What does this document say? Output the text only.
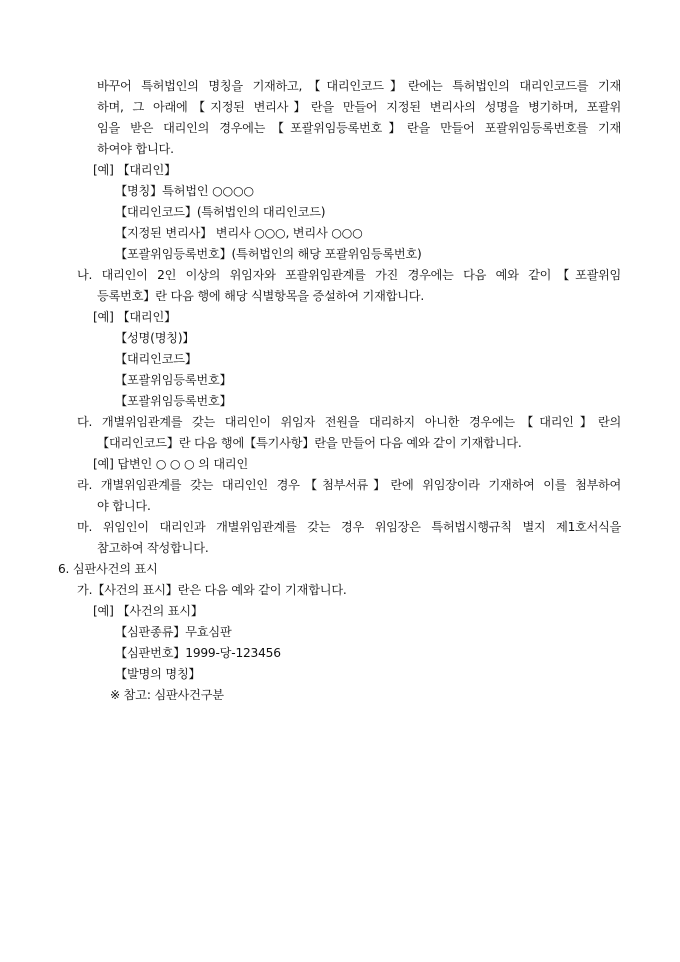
바꾸어 특허법인의 명칭을 기재하고,【대리인코드】란에는 특허법인의 대리인코드를 기재
하며, 그 아래에【지정된 변리사】란을 만들어 지정된 변리사의 성명을 병기하며, 포괄위
임을 받은 대리인의 경우에는【포괄위임등록번호】란을 만들어 포괄위임등록번호를 기재
하여야 합니다.
[예] 【대리인】
【명칭】특허법인 ○○○○
【대리인코드】(특허법인의 대리인코드)
【지정된 변리사】 변리사 ○○○, 변리사 ○○○
【포괄위임등록번호】(특허법인의 해당 포괄위임등록번호)
나. 대리인이 2인 이상의 위임자와 포괄위임관계를 가진 경우에는 다음 예와 같이【포괄위임
등록번호】란 다음 행에 해당 식별항목을 증설하여 기재합니다.
[예] 【대리인】
【성명(명칭)】
【대리인코드】
【포괄위임등록번호】
【포괄위임등록번호】
다. 개별위임관계를 갖는 대리인이 위임자 전원을 대리하지 아니한 경우에는【대리인】란의
【대리인코드】란 다음 행에【특기사항】란을 만들어 다음 예와 같이 기재합니다.
[예] 답변인 ○ ○ ○ 의 대리인
라. 개별위임관계를 갖는 대리인인 경우【첨부서류】란에 위임장이라 기재하여 이를 첨부하여
야 합니다.
마. 위임인이 대리인과 개별위임관계를 갖는 경우 위임장은 특허법시행규칙 별지 제1호서식을
참고하여 작성합니다.
6. 심판사건의 표시
가.【사건의 표시】란은 다음 예와 같이 기재합니다.
[예] 【사건의 표시】
【심판종류】무효심판
【심판번호】1999-당-123456
【발명의 명칭】
※ 참고: 심판사건구분
